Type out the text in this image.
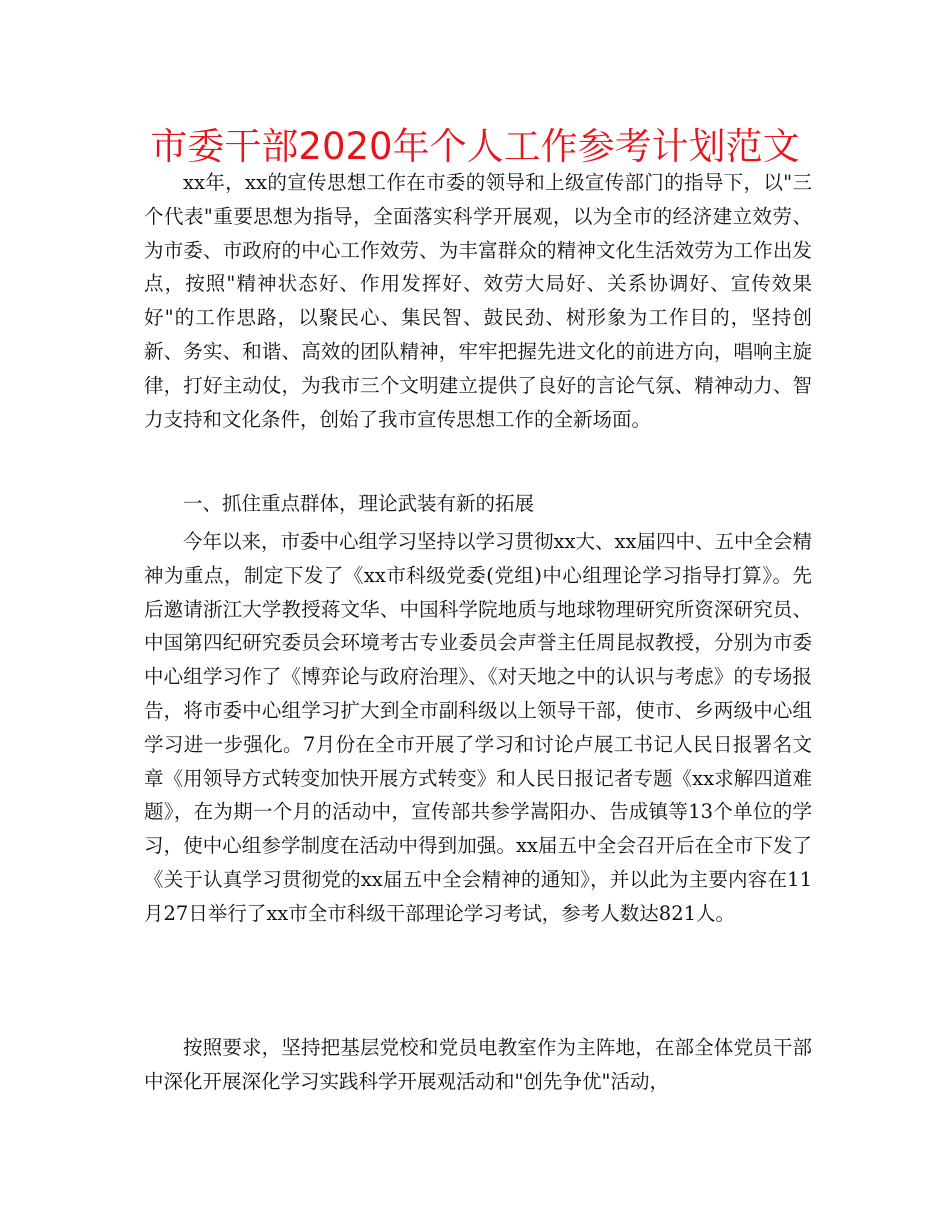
市委干部2020年个人工作参考计划范文

xx年，xx的宣传思想工作在市委的领导和上级宣传部门的指导下，以"三个代表"重要思想为指导，全面落实科学开展观，以为全市的经济建立效劳、为市委、市政府的中心工作效劳、为丰富群众的精神文化生活效劳为工作出发点，按照"精神状态好、作用发挥好、效劳大局好、关系协调好、宣传效果好"的工作思路，以聚民心、集民智、鼓民劲、树形象为工作目的，坚持创新、务实、和谐、高效的团队精神，牢牢把握先进文化的前进方向，唱响主旋律，打好主动仗，为我市三个文明建立提供了良好的言论气氛、精神动力、智力支持和文化条件，创始了我市宣传思想工作的全新场面。

一、抓住重点群体，理论武装有新的拓展

今年以来，市委中心组学习坚持以学习贯彻xx大、xx届四中、五中全会精神为重点，制定下发了《xx市科级党委(党组)中心组理论学习指导打算》。先后邀请浙江大学教授蒋文华、中国科学院地质与地球物理研究所资深研究员、中国第四纪研究委员会环境考古专业委员会声誉主任周昆叔教授，分别为市委中心组学习作了《博弈论与政府治理》、《对天地之中的认识与考虑》的专场报告，将市委中心组学习扩大到全市副科级以上领导干部，使市、乡两级中心组学习进一步强化。7月份在全市开展了学习和讨论卢展工书记人民日报署名文章《用领导方式转变加快开展方式转变》和人民日报记者专题《xx求解四道难题》，在为期一个月的活动中，宣传部共参学嵩阳办、告成镇等13个单位的学习，使中心组参学制度在活动中得到加强。xx届五中全会召开后在全市下发了《关于认真学习贯彻党的xx届五中全会精神的通知》，并以此为主要内容在11月27日举行了xx市全市科级干部理论学习考试，参考人数达821人。

按照要求，坚持把基层党校和党员电教室作为主阵地，在部全体党员干部中深化开展深化学习实践科学开展观活动和"创先争优"活动，
